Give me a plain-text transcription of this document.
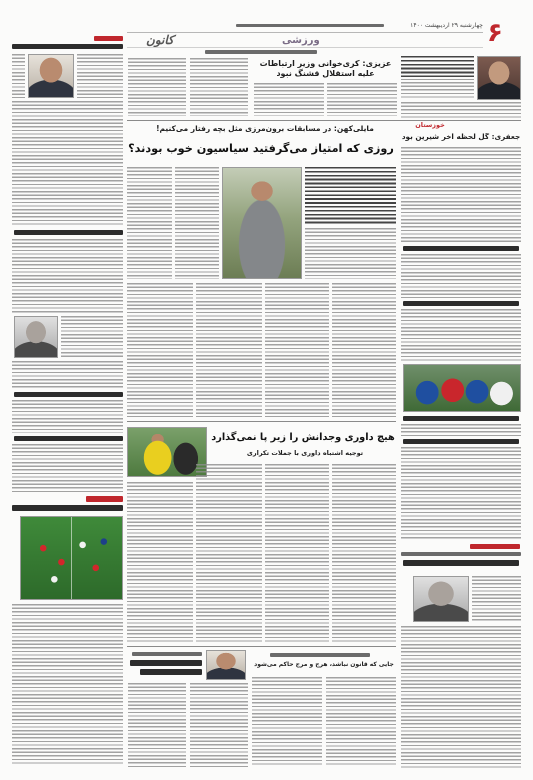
۶
چهارشنبه ۲۹ اردیبهشت ۱۴۰۰
ورزشی
کانون
عزیزی: کری‌خوانی وزیر ارتباطات علیه استقلال قشنگ نبود
مایلی‌کهن: در مسابقات برون‌مرزی مثل بچه رفتار می‌کنیم!
روزی که امتیاز می‌گرفتید سیاسیون خوب بودند؟
خوزستان
جعفری: گل لحظه آخر شیرین بود
هیچ داوری وجدانش را زیر پا نمی‌گذارد
توجیه اشتباه داوری با جملات تکراری
جایی که قانون نباشد، هرج و مرج حاکم می‌شود
